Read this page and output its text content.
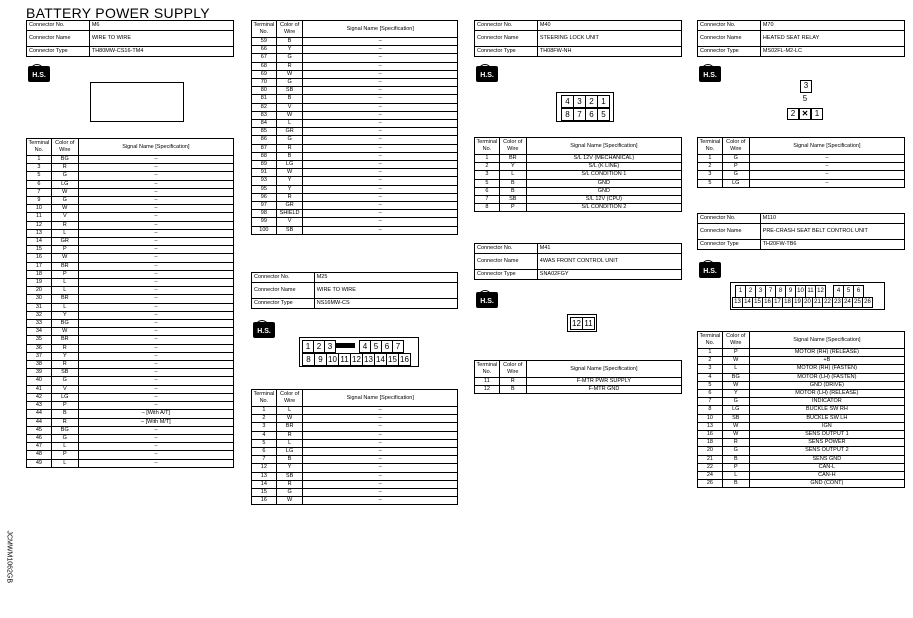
BATTERY POWER SUPPLY
JCMWM1062GB
Connector No.	M6
Connector Name	WIRE TO WIRE
Connector Type	TH80MW-CS16-TM4
H.S.
Terminal No.	Color of Wire	Signal Name [Specification]
1	BG	–
3	R	–
5	G	–
6	LG	–
7	W	–
9	G	–
10	W	–
11	V	–
12	R	–
13	L	–
14	GR	–
15	P	–
16	W	–
17	BR	–
18	P	–
19	L	–
20	L	–
30	BR	–
31	L	–
32	Y	–
33	BG	–
34	W	–
35	BR	–
36	R	–
37	Y	–
38	R	–
39	SB	–
40	G	–
41	V	–
42	LG	–
43	P	–
44	B	– [With A/T]
44	R	– [With M/T]
45	BG	–
46	G	–
47	L	–
48	P	–
49	L	–
Terminal No.	Color of Wire	Signal Name [Specification]
59	B	–
66	Y	–
67	G	–
68	R	–
69	W	–
70	G	–
80	SB	–
81	B	–
82	V	–
83	W	–
84	L	–
85	GR	–
86	G	–
87	R	–
88	B	–
89	LG	–
91	W	–
93	Y	–
95	Y	–
96	R	–
97	GR	–
98	SHIELD	–
99	V	–
100	SB	–
Connector No.	M25
Connector Name	WIRE TO WIRE
Connector Type	NS16MW-CS
H.S.
1 2 3	4 5 6 7
8 9 10 11 12 13 14 15 16
Terminal No.	Color of Wire	Signal Name [Specification]
1	L	–
2	W	–
3	BR	–
4	R	–
5	L	–
6	LG	–
7	B	–
12	Y	–
13	SB	–
14	R	–
15	G	–
16	W	–
Connector No.	M40
Connector Name	STEERING LOCK UNIT
Connector Type	TH08FW-NH
H.S.
4 3 2 1
8 7 6 5
Terminal No.	Color of Wire	Signal Name [Specification]
1	BR	S/L 12V (MECHANICAL)
2	Y	S/L (K LINE)
3	L	S/L CONDITION 1
5	B	GND
6	B	GND
7	SB	S/L 12V (CPU)
8	P	S/L CONDITION 2
Connector No.	M41
Connector Name	4WAS FRONT CONTROL UNIT
Connector Type	SNA02FGY
H.S.
12 11
Terminal No.	Color of Wire	Signal Name [Specification]
11	R	F-MTR PWR SUPPLY
12	B	F-MTR GND
Connector No.	M70
Connector Name	HEATED SEAT RELAY
Connector Type	MS02FL-M2-LC
H.S.
3
5
2 ✕ 1
Terminal No.	Color of Wire	Signal Name [Specification]
1	G	–
2	P	–
3	G	–
5	LG	–
Connector No.	M110
Connector Name	PRE-CRASH SEAT BELT CONTROL UNIT
Connector Type	TH20FW-TB6
H.S.
1	2	3	7	8	9 10 11 12	4	5	6
13 14 15 16 17 18 19 20 21 22 23 24 25 26
Terminal No.	Color of Wire	Signal Name [Specification]
1	P	MOTOR (RH) (RELEASE)
2	W	+B
3	L	MOTOR (RH) (FASTEN)
4	BG	MOTOR (LH) (FASTEN)
5	W	GND (DRIVE)
6	Y	MOTOR (LH) (RELEASE)
7	G	INDICATOR
8	LG	BUCKLE SW RH
10	SB	BUCKLE SW LH
13	W	IGN
16	W	SENS OUTPUT 1
18	R	SENS POWER
20	G	SENS OUTPUT 2
21	B	SENS GND
22	P	CAN-L
24	L	CAN-H
26	B	GND (CONT)
